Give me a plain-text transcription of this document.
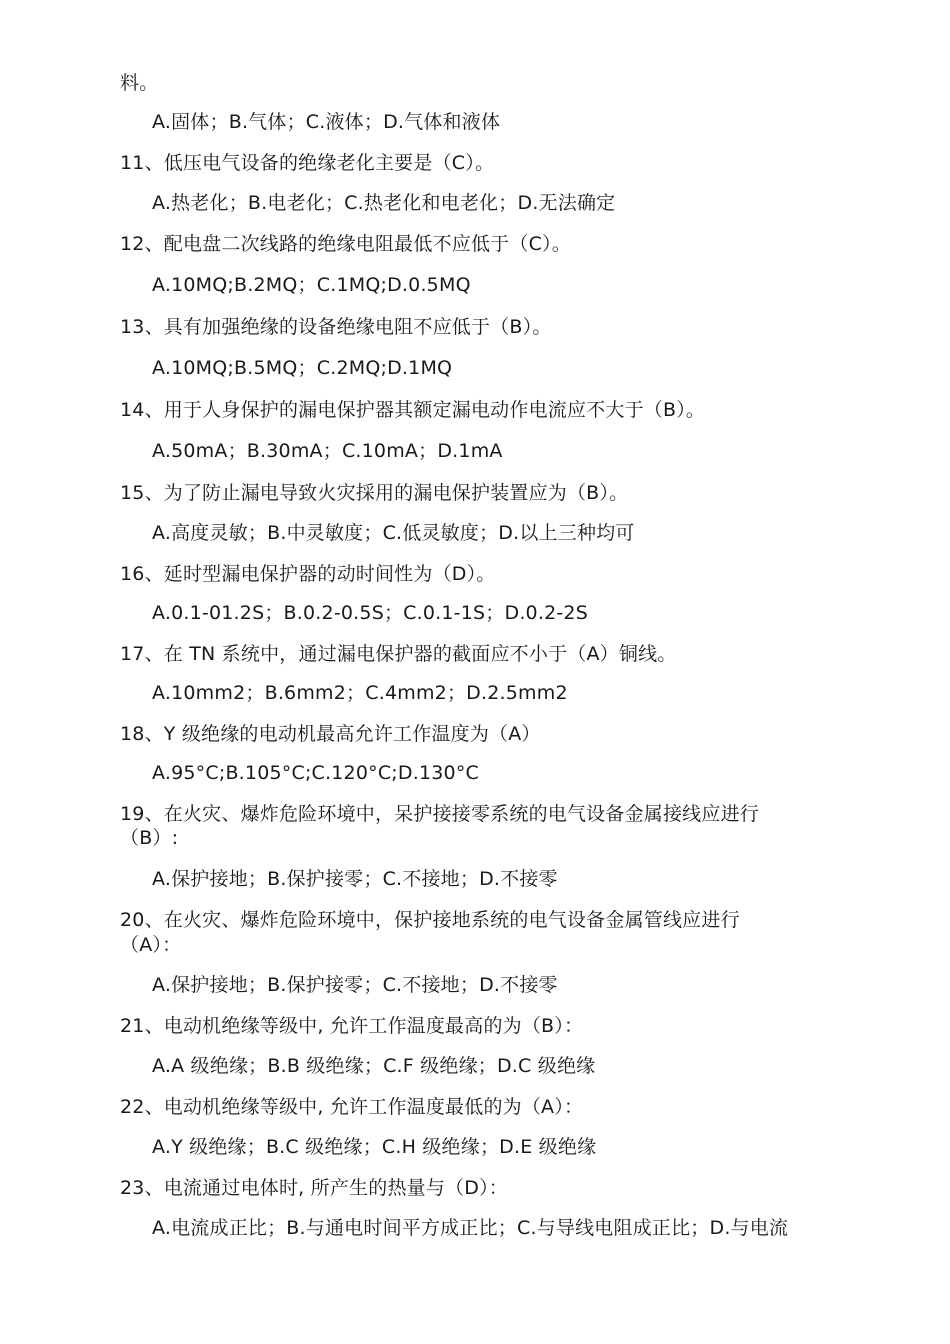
料。
A.固体；B.气体；C.液体；D.气体和液体
11、低压电气设备的绝缘老化主要是（C）。
A.热老化；B.电老化；C.热老化和电老化；D.无法确定
12、配电盘二次线路的绝缘电阻最低不应低于（C）。
A.10MQ;B.2MQ；C.1MQ;D.0.5MQ
13、具有加强绝缘的设备绝缘电阻不应低于（B）。
A.10MQ;B.5MQ；C.2MQ;D.1MQ
14、用于人身保护的漏电保护器其额定漏电动作电流应不大于（B）。
A.50mA；B.30mA；C.10mA；D.1mA
15、为了防止漏电导致火灾採用的漏电保护装置应为（B）。
A.高度灵敏；B.中灵敏度；C.低灵敏度；D.以上三种均可
16、延时型漏电保护器的动时间性为（D）。
A.0.1-01.2S；B.0.2-0.5S；C.0.1-1S；D.0.2-2S
17、在 TN 系统中，通过漏电保护器的截面应不小于（A）铜线。
A.10mm2；B.6mm2；C.4mm2；D.2.5mm2
18、Y 级绝缘的电动机最高允许工作温度为（A）
A.95°C;B.105°C;C.120°C;D.130°C
19、在火灾、爆炸危险环境中，呆护接接零系统的电气设备金属接线应进行
（B）:
A.保护接地；B.保护接零；C.不接地；D.不接零
20、在火灾、爆炸危险环境中，保护接地系统的电气设备金属管线应进行
（A）：
A.保护接地；B.保护接零；C.不接地；D.不接零
21、电动机绝缘等级中, 允许工作温度最高的为（B）：
A.A 级绝缘；B.B 级绝缘；C.F 级绝缘；D.C 级绝缘
22、电动机绝缘等级中, 允许工作温度最低的为（A）：
A.Y 级绝缘；B.C 级绝缘；C.H 级绝缘；D.E 级绝缘
23、电流通过电体时, 所产生的热量与（D）：
A.电流成正比；B.与通电时间平方成正比；C.与导线电阻成正比；D.与电流
